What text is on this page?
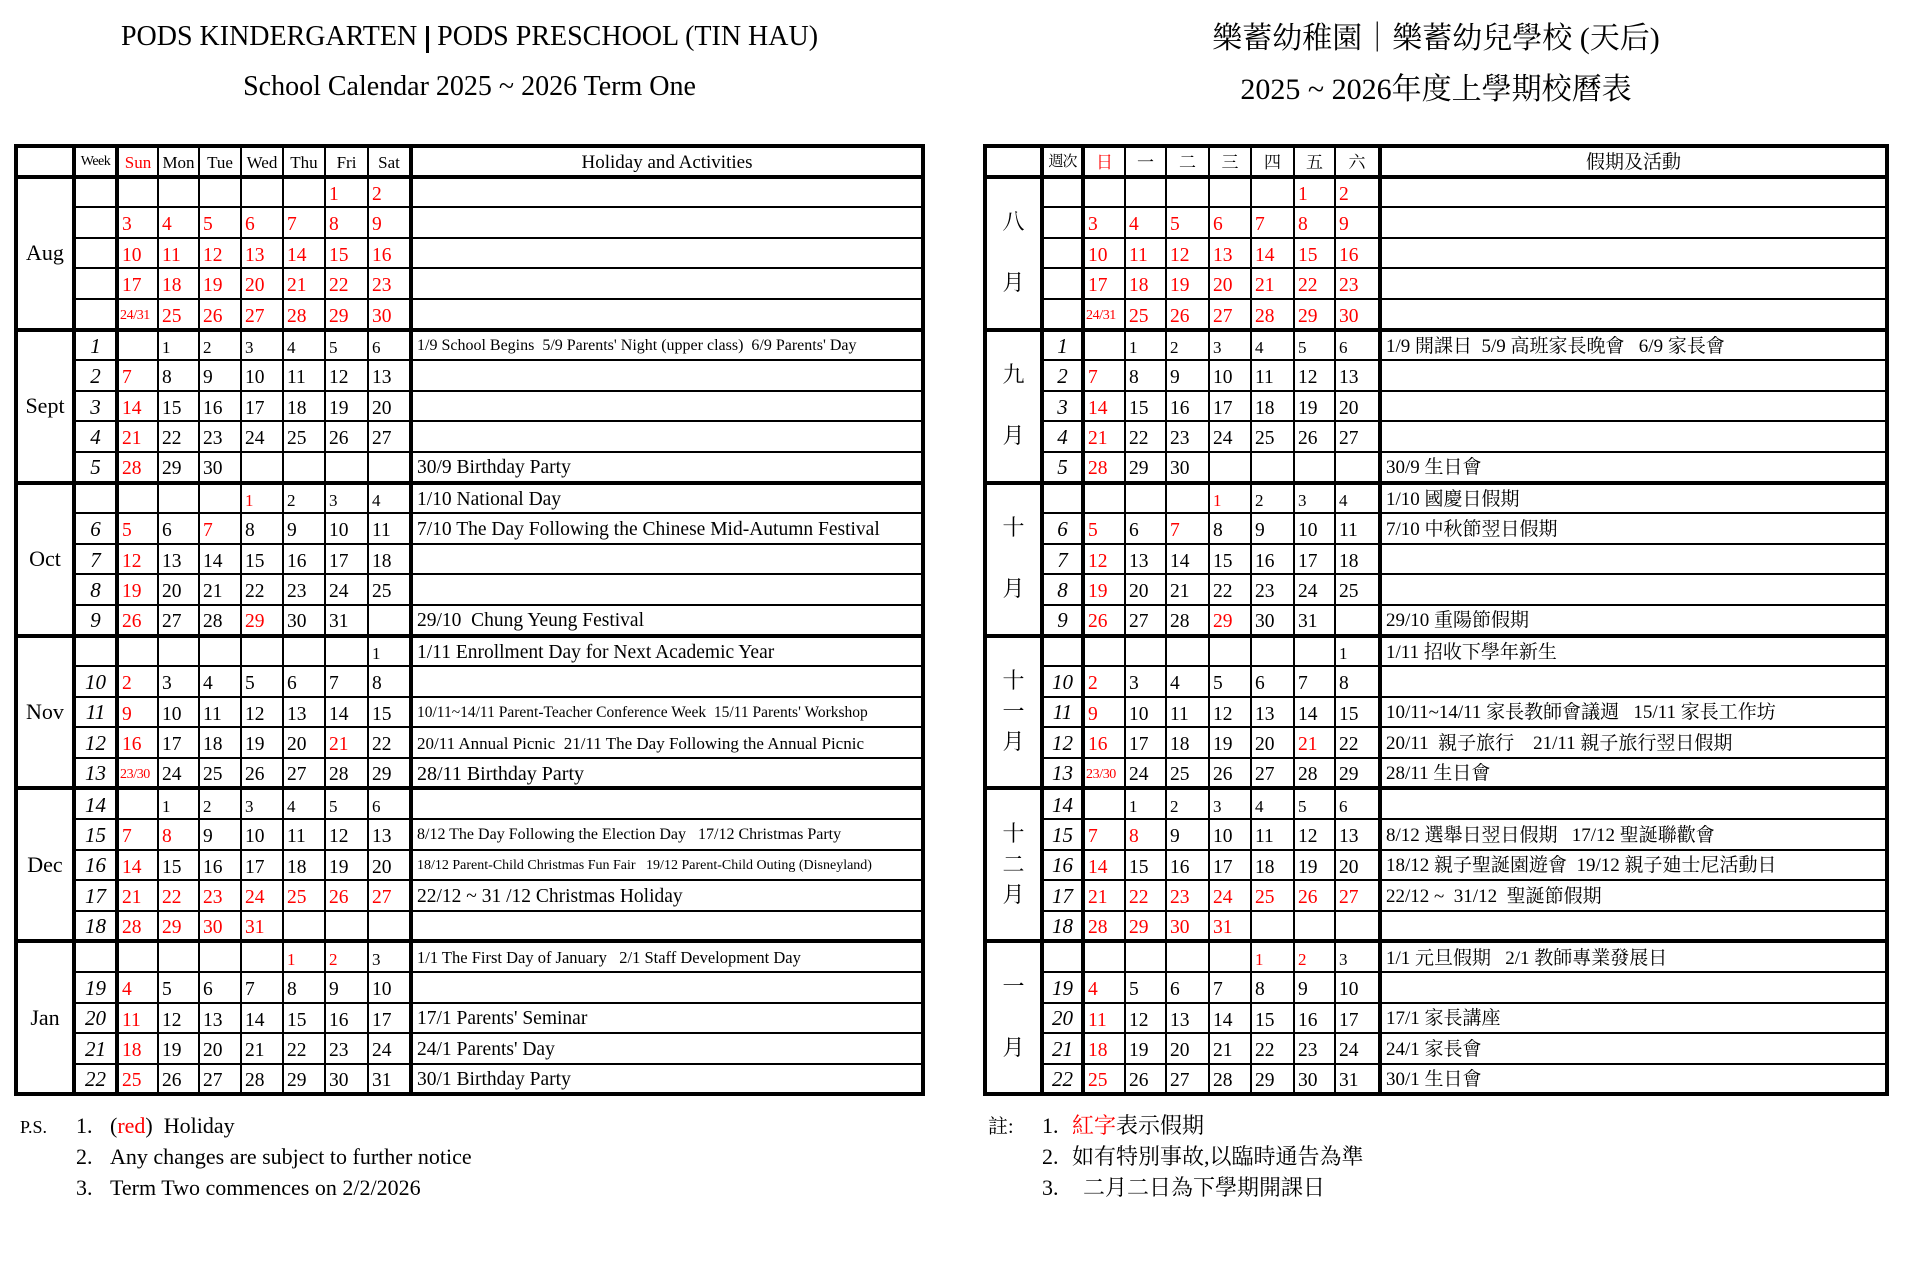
PODS KINDERGARTEN PODS PRESCHOOL (TIN HAU)
School Calendar 2025 ~ 2026 Term One
樂蓄幼稚園｜樂蓄幼兒學校 (天后)
2025 ~ 2026年度上學期校曆表
	Week	Sun	Mon	Tue	Wed	Thu	Fri	Sat	Holiday and Activities
Aug							1	2	
		3	4	5	6	7	8	9	
		10	11	12	13	14	15	16	
		17	18	19	20	21	22	23	
		24/31	25	26	27	28	29	30	
Sept	1		1	2	3	4	5	6	1/9 School Begins  5/9 Parents' Night (upper class)  6/9 Parents' Day
	2	7	8	9	10	11	12	13	
	3	14	15	16	17	18	19	20	
	4	21	22	23	24	25	26	27	
	5	28	29	30					30/9 Birthday Party
Oct					1	2	3	4	1/10 National Day
	6	5	6	7	8	9	10	11	7/10 The Day Following the Chinese Mid-Autumn Festival
	7	12	13	14	15	16	17	18	
	8	19	20	21	22	23	24	25	
	9	26	27	28	29	30	31		29/10  Chung Yeung Festival
Nov								1	1/11 Enrollment Day for Next Academic Year
	10	2	3	4	5	6	7	8	
	11	9	10	11	12	13	14	15	10/11~14/11 Parent-Teacher Conference Week  15/11 Parents' Workshop
	12	16	17	18	19	20	21	22	20/11 Annual Picnic  21/11 The Day Following the Annual Picnic
	13	23/30	24	25	26	27	28	29	28/11 Birthday Party
Dec	14		1	2	3	4	5	6	
	15	7	8	9	10	11	12	13	8/12 The Day Following the Election Day   17/12 Christmas Party
	16	14	15	16	17	18	19	20	18/12 Parent-Child Christmas Fun Fair   19/12 Parent-Child Outing (Disneyland)
	17	21	22	23	24	25	26	27	22/12 ~ 31 /12 Christmas Holiday
	18	28	29	30	31				
Jan						1	2	3	1/1 The First Day of January   2/1 Staff Development Day
	19	4	5	6	7	8	9	10	
	20	11	12	13	14	15	16	17	17/1 Parents' Seminar
	21	18	19	20	21	22	23	24	24/1 Parents' Day
	22	25	26	27	28	29	30	31	30/1 Birthday Party
	週次	日	一	二	三	四	五	六	假期及活動

八
月							1	2	
		3	4	5	6	7	8	9	
		10	11	12	13	14	15	16	
		17	18	19	20	21	22	23	
		24/31	25	26	27	28	29	30	

九
月	1		1	2	3	4	5	6	1/9 開課日  5/9 高班家長晚會   6/9 家長會
	2	7	8	9	10	11	12	13	
	3	14	15	16	17	18	19	20	
	4	21	22	23	24	25	26	27	
	5	28	29	30					30/9 生日會

十
月					1	2	3	4	1/10 國慶日假期
	6	5	6	7	8	9	10	11	7/10 中秋節翌日假期
	7	12	13	14	15	16	17	18	
	8	19	20	21	22	23	24	25	
	9	26	27	28	29	30	31		29/10 重陽節假期

十
一
月								1	1/11 招收下學年新生
	10	2	3	4	5	6	7	8	
	11	9	10	11	12	13	14	15	10/11~14/11 家長教師會議週   15/11 家長工作坊
	12	16	17	18	19	20	21	22	20/11  親子旅行    21/11 親子旅行翌日假期
	13	23/30	24	25	26	27	28	29	28/11 生日會

十
二
月	14		1	2	3	4	5	6	
	15	7	8	9	10	11	12	13	8/12 選舉日翌日假期   17/12 聖誕聯歡會
	16	14	15	16	17	18	19	20	18/12 親子聖誕園遊會  19/12 親子廸士尼活動日
	17	21	22	23	24	25	26	27	22/12 ~  31/12  聖誕節假期
	18	28	29	30	31				

一
月						1	2	3	1/1 元旦假期   2/1 教師專業發展日
	19	4	5	6	7	8	9	10	
	20	11	12	13	14	15	16	17	17/1 家長講座
	21	18	19	20	21	22	23	24	24/1 家長會
	22	25	26	27	28	29	30	31	30/1 生日會
P.S.	1. (red)  Holiday
2. Any changes are subject to further notice
3. Term Two commences on 2/2/2026
註:	1. 紅字表示假期
2. 如有特別事故,以臨時通告為準
3. 二月二日為下學期開課日
